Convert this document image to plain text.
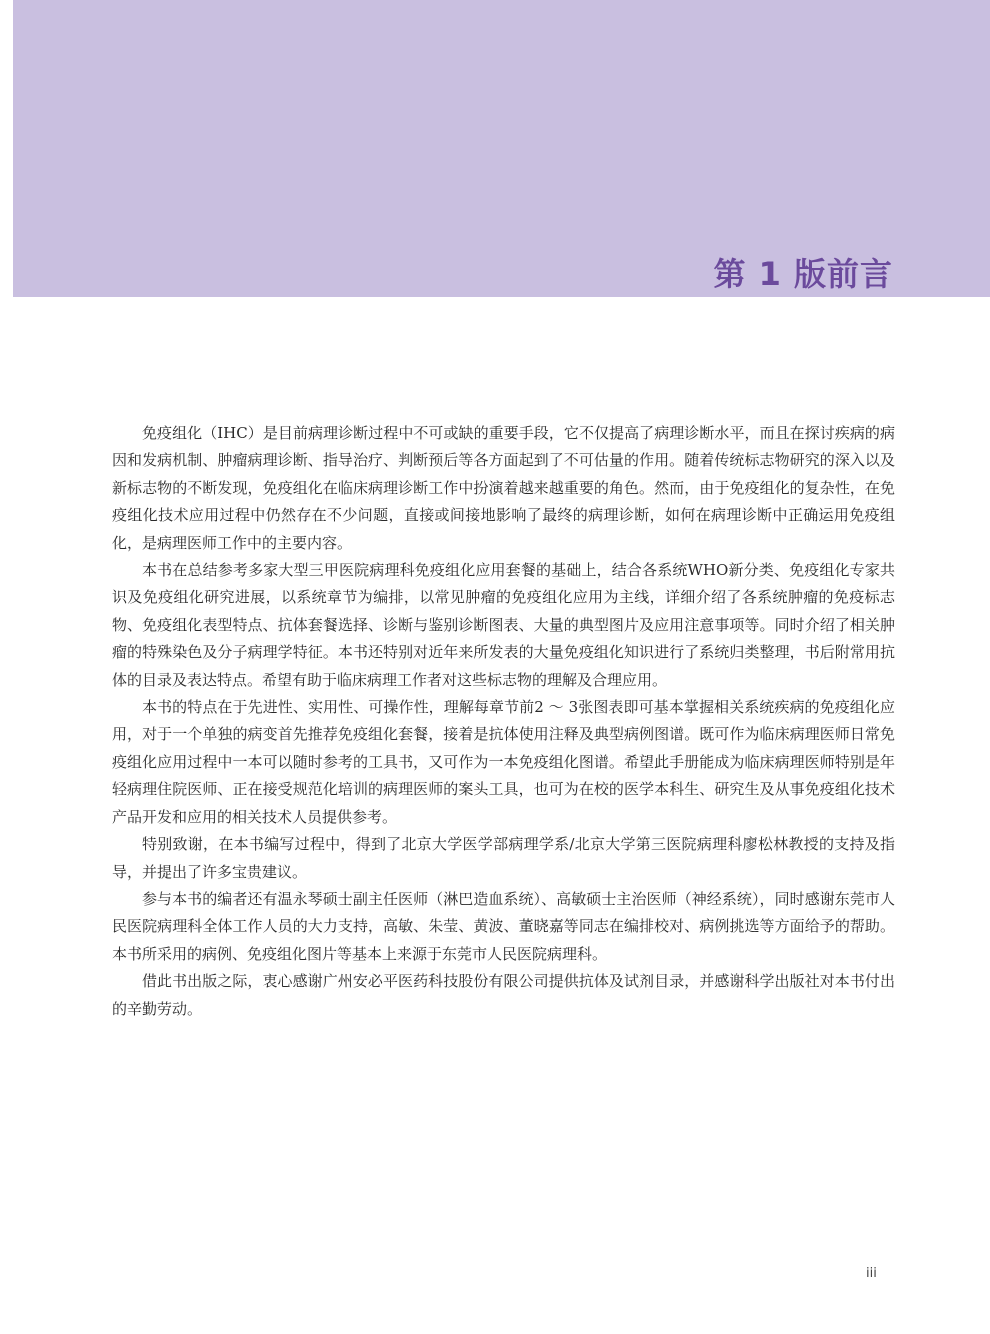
第 1 版前言

免疫组化（IHC）是目前病理诊断过程中不可或缺的重要手段，它不仅提高了病理诊断水平，而且在探讨疾病的病因和发病机制、肿瘤病理诊断、指导治疗、判断预后等各方面起到了不可估量的作用。随着传统标志物研究的深入以及新标志物的不断发现，免疫组化在临床病理诊断工作中扮演着越来越重要的角色。然而，由于免疫组化的复杂性，在免疫组化技术应用过程中仍然存在不少问题，直接或间接地影响了最终的病理诊断，如何在病理诊断中正确运用免疫组化，是病理医师工作中的主要内容。

本书在总结参考多家大型三甲医院病理科免疫组化应用套餐的基础上，结合各系统WHO新分类、免疫组化专家共识及免疫组化研究进展，以系统章节为编排，以常见肿瘤的免疫组化应用为主线，详细介绍了各系统肿瘤的免疫标志物、免疫组化表型特点、抗体套餐选择、诊断与鉴别诊断图表、大量的典型图片及应用注意事项等。同时介绍了相关肿瘤的特殊染色及分子病理学特征。本书还特别对近年来所发表的大量免疫组化知识进行了系统归类整理，书后附常用抗体的目录及表达特点。希望有助于临床病理工作者对这些标志物的理解及合理应用。

本书的特点在于先进性、实用性、可操作性，理解每章节前2 ～ 3张图表即可基本掌握相关系统疾病的免疫组化应用，对于一个单独的病变首先推荐免疫组化套餐，接着是抗体使用注释及典型病例图谱。既可作为临床病理医师日常免疫组化应用过程中一本可以随时参考的工具书，又可作为一本免疫组化图谱。希望此手册能成为临床病理医师特别是年轻病理住院医师、正在接受规范化培训的病理医师的案头工具，也可为在校的医学本科生、研究生及从事免疫组化技术产品开发和应用的相关技术人员提供参考。

特别致谢，在本书编写过程中，得到了北京大学医学部病理学系/北京大学第三医院病理科廖松林教授的支持及指导，并提出了许多宝贵建议。

参与本书的编者还有温永琴硕士副主任医师（淋巴造血系统）、高敏硕士主治医师（神经系统），同时感谢东莞市人民医院病理科全体工作人员的大力支持，高敏、朱莹、黄波、董晓嘉等同志在编排校对、病例挑选等方面给予的帮助。本书所采用的病例、免疫组化图片等基本上来源于东莞市人民医院病理科。

借此书出版之际，衷心感谢广州安必平医药科技股份有限公司提供抗体及试剂目录，并感谢科学出版社对本书付出的辛勤劳动。

iii
